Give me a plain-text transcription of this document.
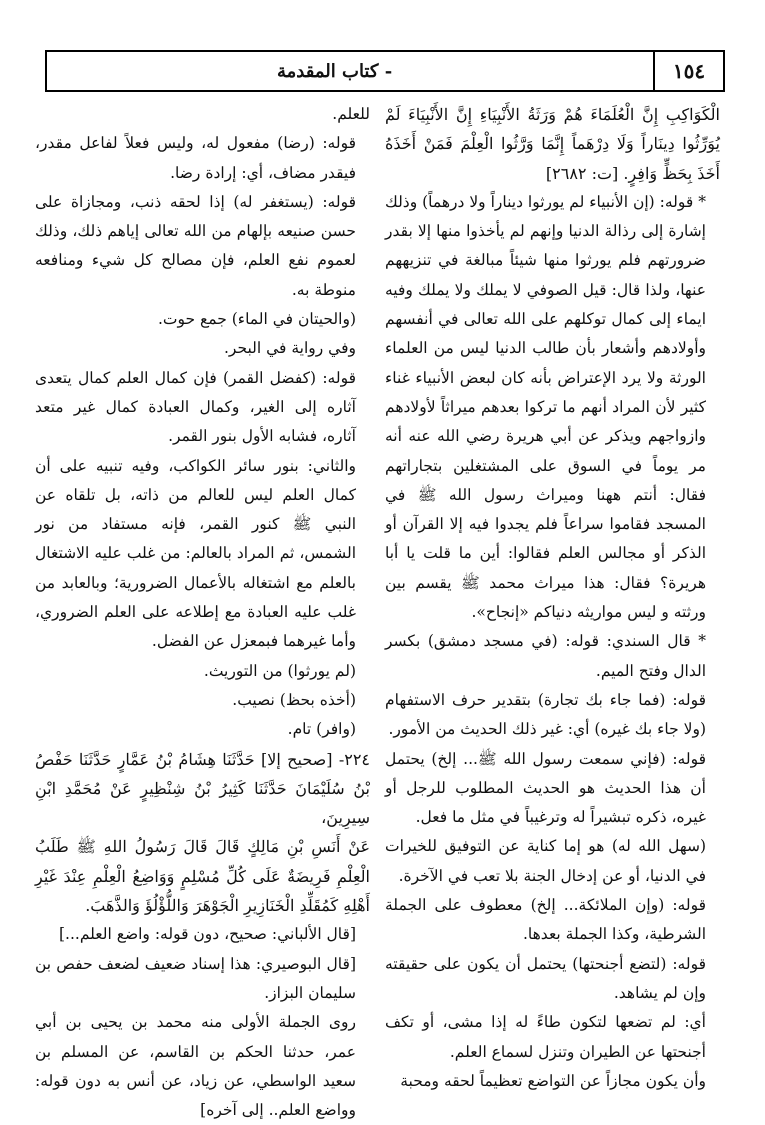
١٥٤
- كتاب المقدمة

الْكَوَاكِبِ إِنَّ الْعُلَمَاءَ هُمْ وَرَثَةُ الأَنْبِيَاءِ إِنَّ الأَنْبِيَاءَ لَمْ يُوَرِّثُوا دِينَاراً وَلَا دِرْهَماً إِنَّمَا وَرَّثُوا الْعِلْمَ فَمَنْ أَخَذَهُ أَخَذَ بِحَظٍّ وَافِرٍ. [ت: ٢٦٨٢]

* قوله: (إن الأنبياء لم يورثوا ديناراً ولا درهماً) وذلك إشارة إلى رذالة الدنيا وإنهم لم يأخذوا منها إلا بقدر ضرورتهم فلم يورثوا منها شيئاً مبالغة في تنزيههم عنها، ولذا قال: قيل الصوفي لا يملك ولا يملك وفيه ايماء إلى كمال توكلهم على الله تعالى في أنفسهم وأولادهم وأشعار بأن طالب الدنيا ليس من العلماء الورثة ولا يرد الإعتراض بأنه كان لبعض الأنبياء غناء كثير لأن المراد أنهم ما تركوا بعدهم ميراثاً لأولادهم وازواجهم ويذكر عن أبي هريرة رضي الله عنه أنه مر يوماً في السوق على المشتغلين بتجاراتهم فقال: أنتم ههنا وميراث رسول الله ﷺ في المسجد فقاموا سراعاً فلم يجدوا فيه إلا القرآن أو الذكر أو مجالس العلم فقالوا: أين ما قلت يا أبا هريرة؟ فقال: هذا ميراث محمد ﷺ يقسم بين ورثته و ليس مواريثه دنياكم «إنجاح».

* قال السندي: قوله: (في مسجد دمشق) بكسر الدال وفتح الميم.

قوله: (فما جاء بك تجارة) بتقدير حرف الاستفهام (ولا جاء بك غيره) أي: غير ذلك الحديث من الأمور.

قوله: (فإني سمعت رسول الله ﷺ... إلخ) يحتمل أن هذا الحديث هو الحديث المطلوب للرجل أو غيره، ذكره تبشيراً له وترغيباً في مثل ما فعل.

(سهل الله له) هو إما كناية عن التوفيق للخيرات في الدنيا، أو عن إدخال الجنة بلا تعب في الآخرة.

قوله: (وإن الملائكة... إلخ) معطوف على الجملة الشرطية، وكذا الجملة بعدها.

قوله: (لتضع أجنحتها) يحتمل أن يكون على حقيقته وإن لم يشاهد.

أي: لم تضعها لتكون طاءً له إذا مشى، أو تكف أجنحتها عن الطيران وتنزل لسماع العلم.

وأن يكون مجازاً عن التواضع تعظيماً لحقه ومحبة

للعلم.

قوله: (رضا) مفعول له، وليس فعلاً لفاعل مقدر، فيقدر مضاف، أي: إرادة رضا.

قوله: (يستغفر له) إذا لحقه ذنب، ومجازاة على حسن صنيعه بإلهام من الله تعالى إياهم ذلك، وذلك لعموم نفع العلم، فإن مصالح كل شيء ومنافعه منوطة به.

(والحيتان في الماء) جمع حوت.

وفي رواية في البحر.

قوله: (كفضل القمر) فإن كمال العلم كمال يتعدى آثاره إلى الغير، وكمال العبادة كمال غير متعد آثاره، فشابه الأول بنور القمر.

والثاني: بنور سائر الكواكب، وفيه تنبيه على أن كمال العلم ليس للعالم من ذاته، بل تلقاه عن النبي ﷺ كنور القمر، فإنه مستفاد من نور الشمس، ثم المراد بالعالم: من غلب عليه الاشتغال بالعلم مع اشتغاله بالأعمال الضرورية؛ وبالعابد من غلب عليه العبادة مع إطلاعه على العلم الضروري، وأما غيرهما فبمعزل عن الفضل.

(لم يورثوا) من التوريث.

(أخذه بحظ) نصيب.

(وافر) تام.

٢٢٤- [صحيح إلا] حَدَّثَنَا هِشَامُ بْنُ عَمَّارٍ حَدَّثَنَا حَفْصُ بْنُ سُلَيْمَانَ حَدَّثَنَا كَثِيرُ بْنُ شِنْظِيرٍ عَنْ مُحَمَّدِ ابْنِ سِيرِينَ،

عَنْ أَنَسِ بْنِ مَالِكٍ قَالَ قَالَ رَسُولُ اللهِ ﷺ طَلَبُ الْعِلْمِ فَرِيضَةٌ عَلَى كُلِّ مُسْلِمٍ وَوَاضِعُ الْعِلْمِ عِنْدَ غَيْرِ أَهْلِهِ كَمُقَلِّدِ الْخَنَازِيرِ الْجَوْهَرَ وَاللُّؤْلُؤَ وَالذَّهَبَ.

[قال الألباني: صحيح، دون قوله: واضع العلم...]

[قال البوصيري: هذا إسناد ضعيف لضعف حفص بن سليمان البزاز.

روى الجملة الأولى منه محمد بن يحيى بن أبي عمر، حدثنا الحكم بن القاسم، عن المسلم بن سعيد الواسطي، عن زياد، عن أنس به دون قوله: وواضع العلم.. إلى آخره]
